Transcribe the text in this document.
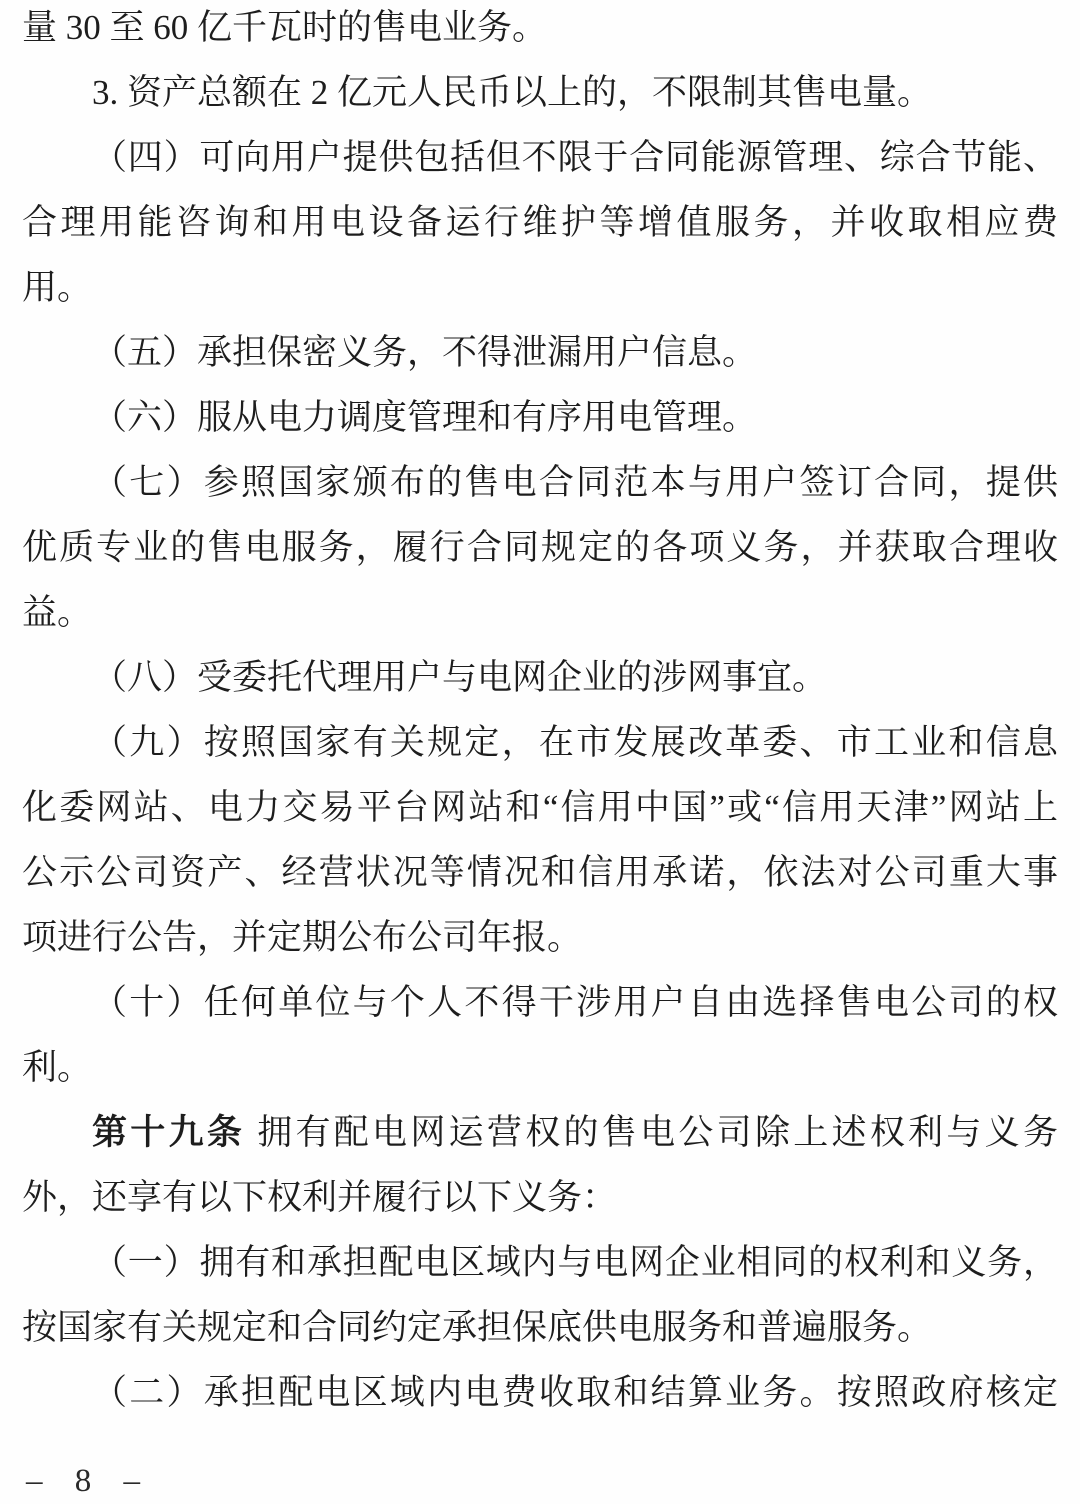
量 30 至 60 亿千瓦时的售电业务。
3. 资产总额在 2 亿元人民币以上的，不限制其售电量。
（四）可向用户提供包括但不限于合同能源管理、综合节能、
合理用能咨询和用电设备运行维护等增值服务，并收取相应费
用。
（五）承担保密义务，不得泄漏用户信息。
（六）服从电力调度管理和有序用电管理。
（七）参照国家颁布的售电合同范本与用户签订合同，提供
优质专业的售电服务，履行合同规定的各项义务，并获取合理收
益。
（八）受委托代理用户与电网企业的涉网事宜。
（九）按照国家有关规定，在市发展改革委、市工业和信息
化委网站、电力交易平台网站和“信用中国”或“信用天津”网站上
公示公司资产、经营状况等情况和信用承诺，依法对公司重大事
项进行公告，并定期公布公司年报。
（十）任何单位与个人不得干涉用户自由选择售电公司的权
利。
第十九条 拥有配电网运营权的售电公司除上述权利与义务
外，还享有以下权利并履行以下义务：
（一）拥有和承担配电区域内与电网企业相同的权利和义务，
按国家有关规定和合同约定承担保底供电服务和普遍服务。
（二）承担配电区域内电费收取和结算业务。按照政府核定
– 8 –
